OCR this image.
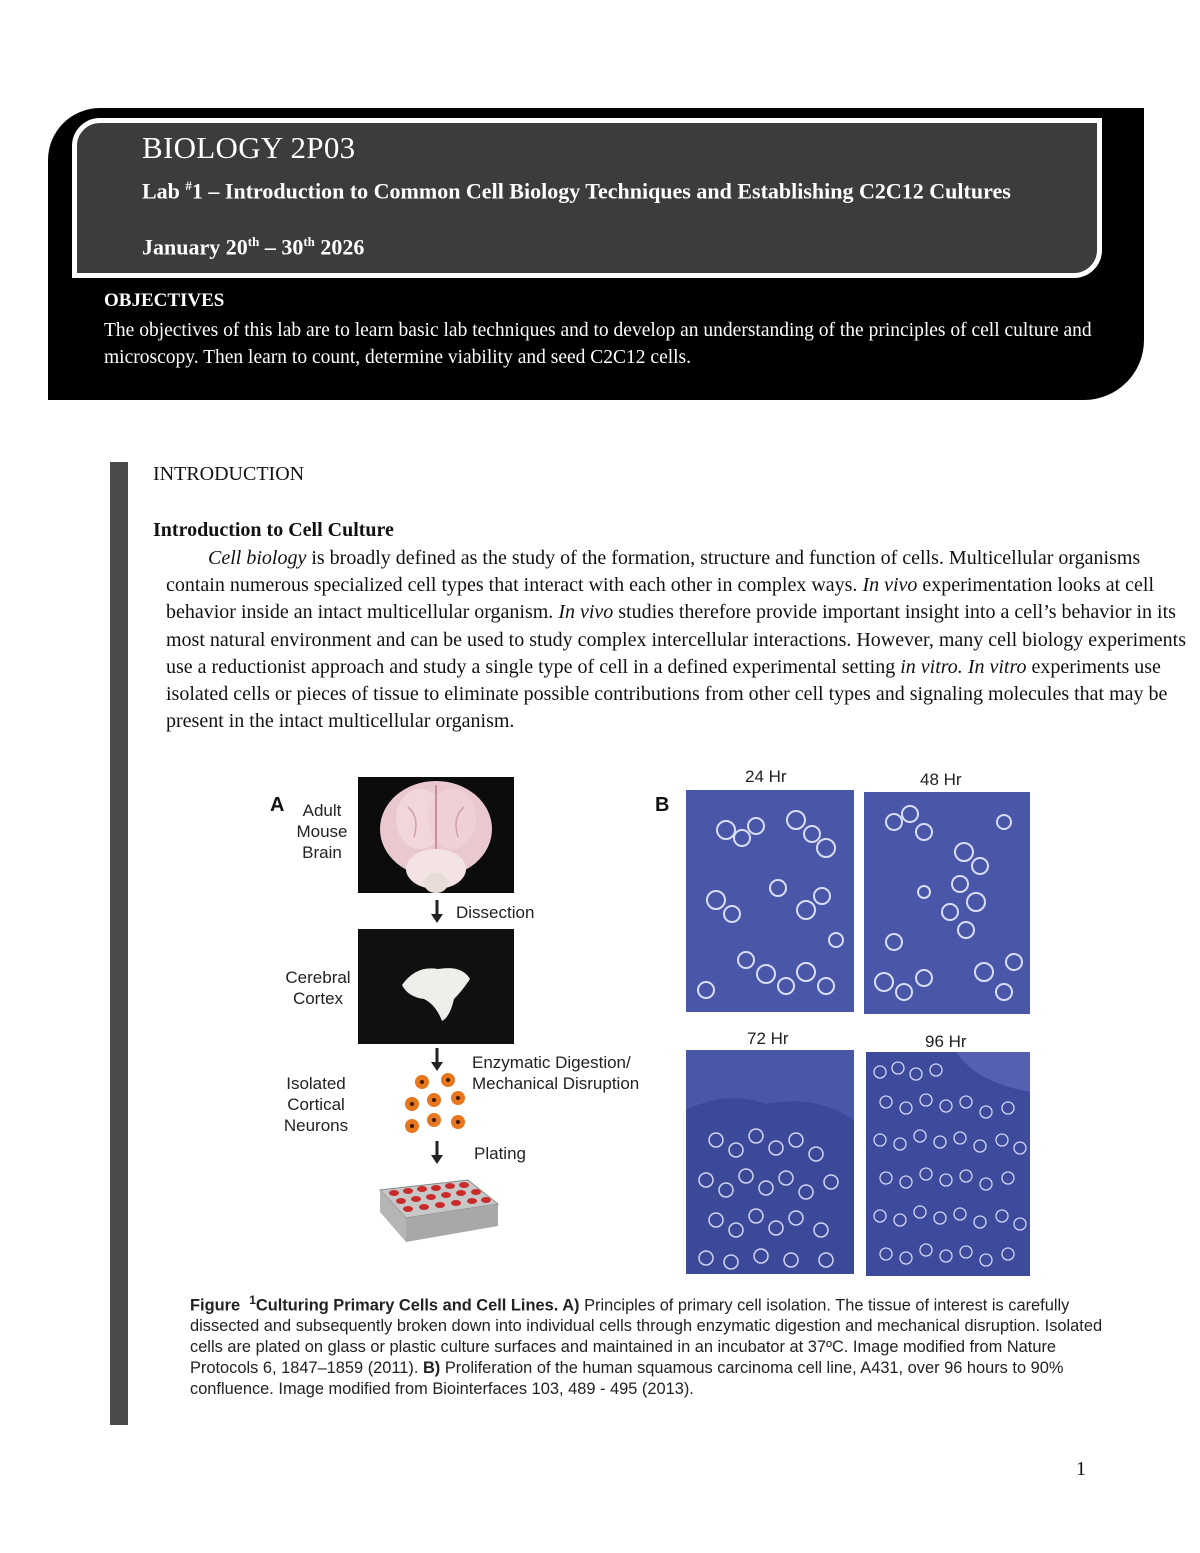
BIOLOGY 2P03
Lab #1 – Introduction to Common Cell Biology Techniques and Establishing C2C12 Cultures
January 20th – 30th 2026
OBJECTIVES
The objectives of this lab are to learn basic lab techniques and to develop an understanding of the principles of cell culture and microscopy. Then learn to count, determine viability and seed C2C12 cells.
INTRODUCTION
Introduction to Cell Culture
Cell biology is broadly defined as the study of the formation, structure and function of cells. Multicellular organisms contain numerous specialized cell types that interact with each other in complex ways. In vivo experimentation looks at cell behavior inside an intact multicellular organism. In vivo studies therefore provide important insight into a cell’s behavior in its most natural environment and can be used to study complex intercellular interactions. However, many cell biology experiments use a reductionist approach and study a single type of cell in a defined experimental setting in vitro. In vitro experiments use isolated cells or pieces of tissue to eliminate possible contributions from other cell types and signaling molecules that may be present in the intact multicellular organism.
A	Adult
Mouse
Brain
Dissection
Cerebral
Cortex
Enzymatic Digestion/
Mechanical Disruption
Isolated
Cortical
Neurons
Plating
B
24 Hr	48 Hr
72 Hr	96 Hr
Figure $^1$Culturing Primary Cells and Cell Lines. A) Principles of primary cell isolation. The tissue of interest is carefully dissected and subsequently broken down into individual cells through enzymatic digestion and mechanical disruption. Isolated cells are plated on glass or plastic culture surfaces and maintained in an incubator at 37ºC. Image modified from Nature Protocols 6, 1847–1859 (2011). B) Proliferation of the human squamous carcinoma cell line, A431, over 96 hours to 90% confluence. Image modified from Biointerfaces 103, 489 - 495 (2013).
1
